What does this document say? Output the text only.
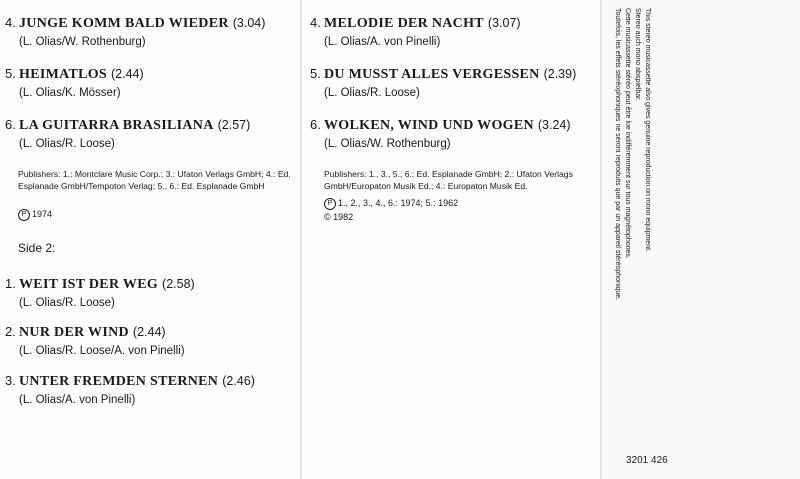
4. JUNGE KOMM BALD WIEDER (3.04)
(L. Olias/W. Rothenburg)
5. HEIMATLOS (2.44)
(L. Olias/K. Mösser)
6. LA GUITARRA BRASILIANA (2.57)
(L. Olias/R. Loose)
Publishers: 1.: Montclare Music Corp.; 3.: Ufaton Verlags GmbH; 4.: Ed. Esplanade GmbH/Tempoton Verlag; 5., 6.: Ed. Esplanade GmbH
P 1974
Side 2:
1. WEIT IST DER WEG (2.58)
(L. Olias/R. Loose)
2. NUR DER WIND (2.44)
(L. Olias/R. Loose/A. von Pinelli)
3. UNTER FREMDEN STERNEN (2.46)
(L. Olias/A. von Pinelli)
4. MELODIE DER NACHT (3.07)
(L. Olias/A. von Pinelli)
5. DU MUSST ALLES VERGESSEN (2.39)
(L. Olias/R. Loose)
6. WOLKEN, WIND UND WOGEN (3.24)
(L. Olias/W. Rothenburg)
Publishers: 1., 3., 5., 6.: Ed. Esplanade GmbH; 2.: Ufaton Verlags GmbH/Europaton Musik Ed.; 4.: Europaton Musik Ed.
P 1., 2., 3., 4., 6.: 1974; 5.: 1962
© 1982	This stereo musicassette also gives genuine reproduction on mono equipment.
Stereo auch mono abspielbar.
Cette musicassette stéréo peut être lue indifféremment sur tous magnétophones.
Toutefois, les effets stéréophoniques ne seront reproduits que par un appareil stéréophonique.
3201 426
